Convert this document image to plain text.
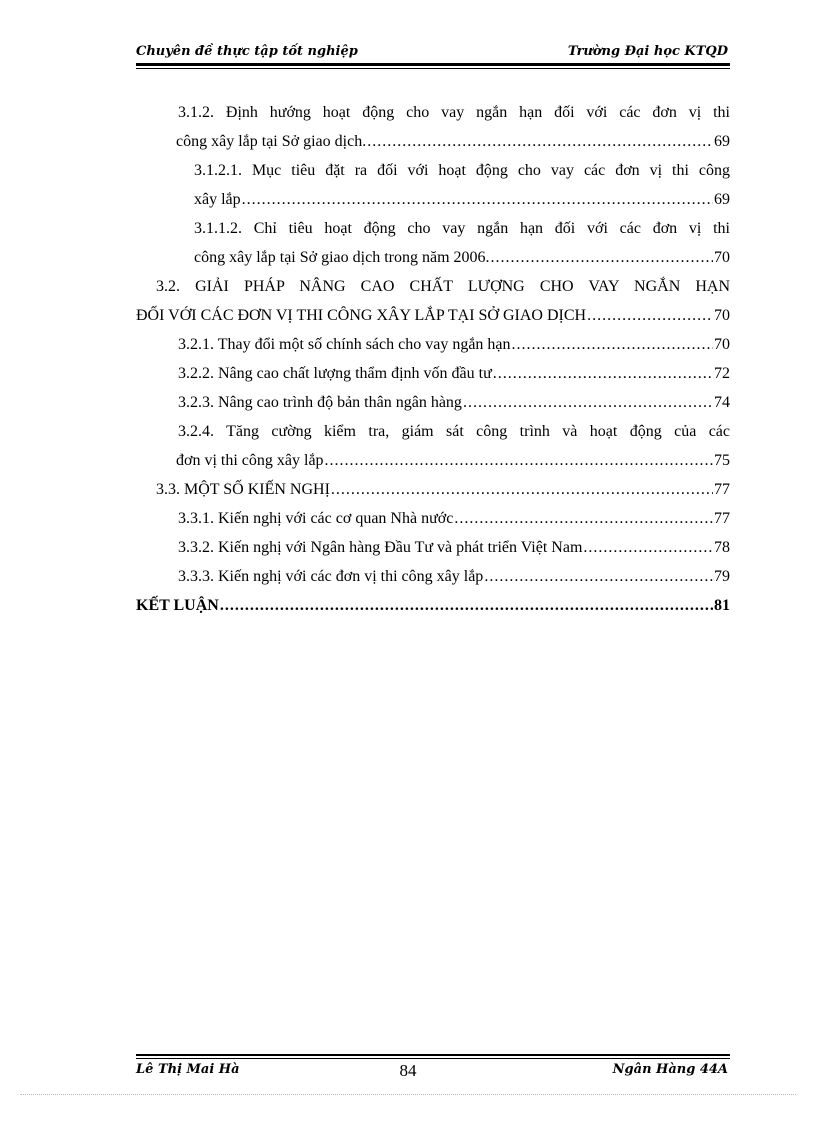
Chuyên đề thực tập tốt nghiệp	Trường Đại học KTQD
3.1.2. Định hướng hoạt động cho vay ngắn hạn đối với các đơn vị thi
công xây lắp tại Sở giao dịch. .....	69
3.1.2.1. Mục tiêu đặt ra đối với hoạt động cho vay các đơn vị thi công
xây lắp .....	69
3.1.1.2. Chỉ tiêu hoạt động cho vay ngắn hạn đối với các đơn vị thi
công xây lắp tại Sở giao dịch trong năm 2006. .....	70
3.2. GIẢI PHÁP NÂNG CAO CHẤT LƯỢNG CHO VAY NGẮN HẠN
ĐỐI VỚI CÁC ĐƠN VỊ THI CÔNG XÂY LẮP TẠI SỞ GIAO DỊCH .....	70
3.2.1. Thay đổi một số chính sách cho vay ngắn hạn .....	70
3.2.2. Nâng cao chất lượng thẩm định vốn đầu tư .....	72
3.2.3. Nâng cao trình độ bản thân ngân hàng .....	74
3.2.4. Tăng cường kiểm tra, giám sát công trình và hoạt động của các
đơn vị thi công xây lắp .....	75
3.3. MỘT SỐ KIẾN NGHỊ .....	77
3.3.1. Kiến nghị với các cơ quan Nhà nước .....	77
3.3.2. Kiến nghị với Ngân hàng Đầu Tư và phát triển Việt Nam .....	78
3.3.3. Kiến nghị với các đơn vị thi công xây lắp .....	79
KẾT LUẬN .....	81
Lê Thị Mai Hà	84	Ngân Hàng 44A
